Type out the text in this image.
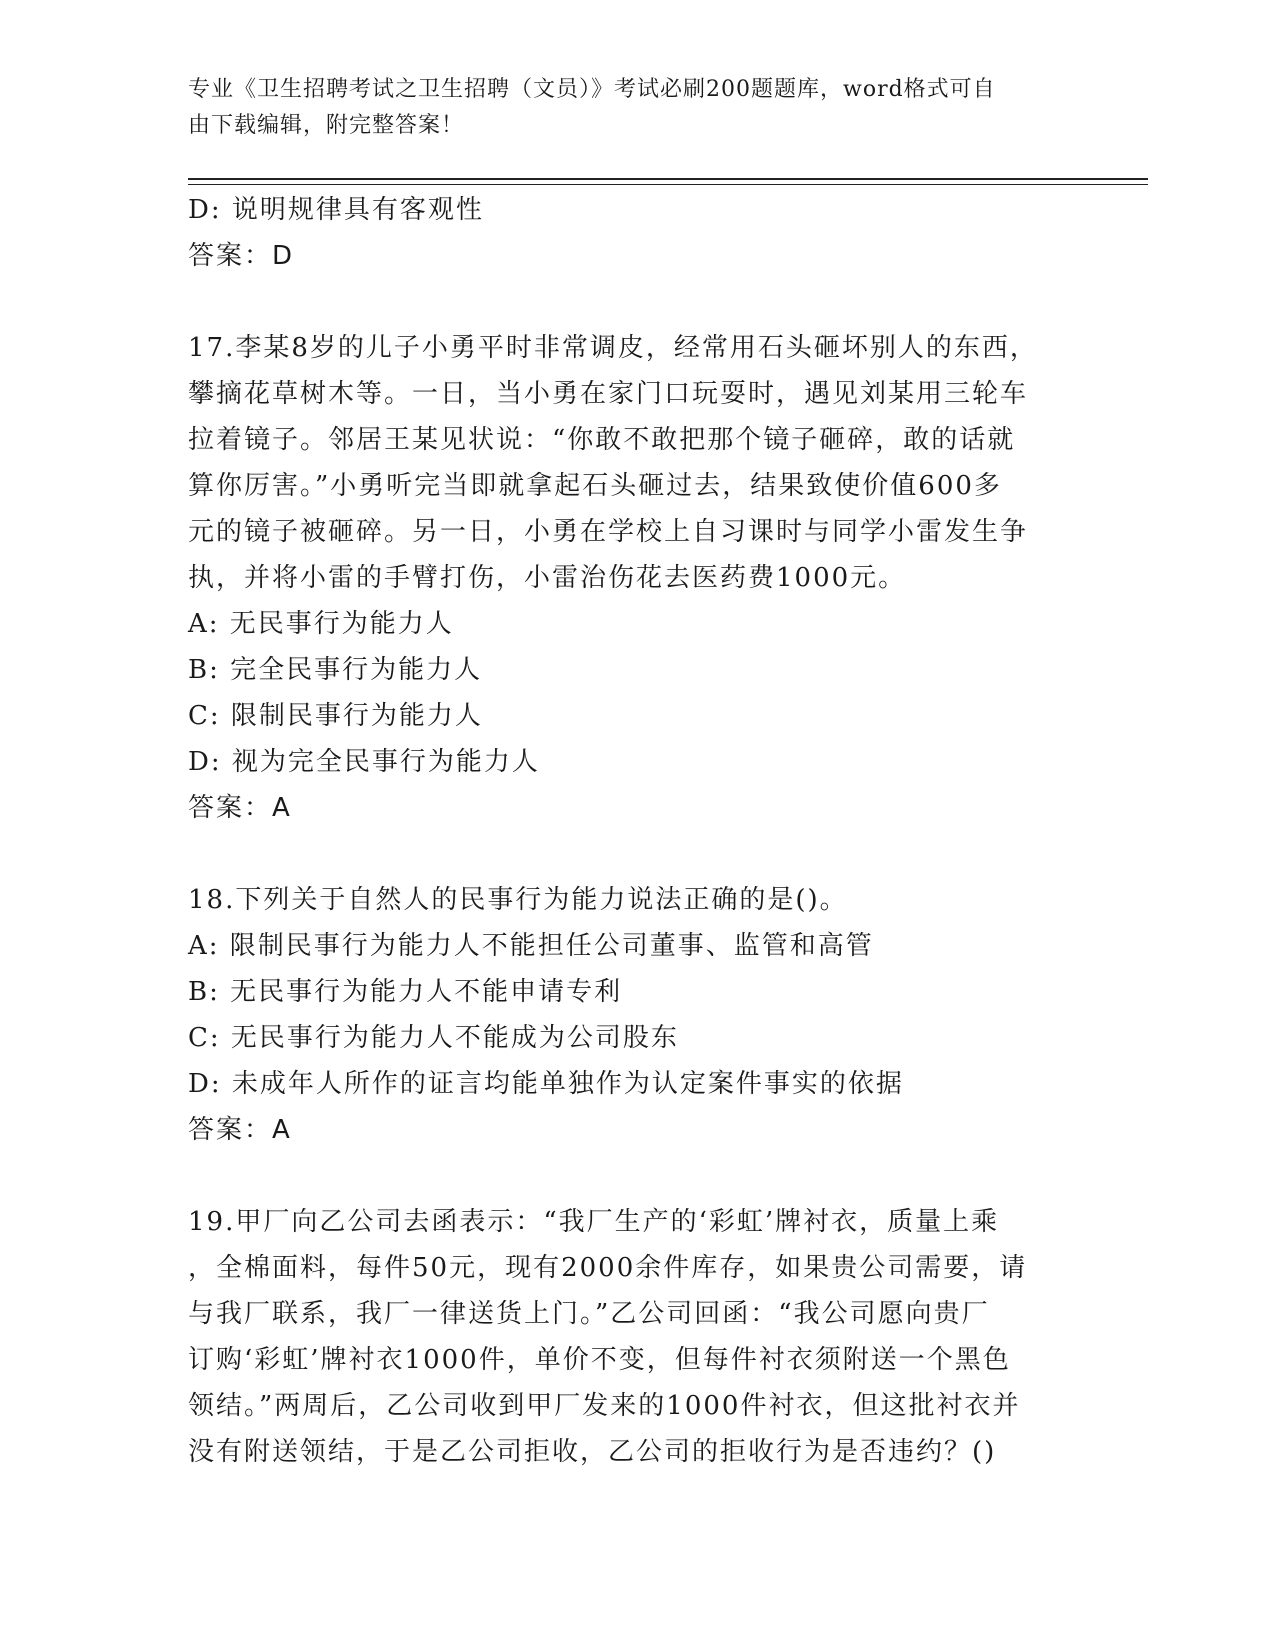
专业《卫生招聘考试之卫生招聘（文员）》考试必刷200题题库，word格式可自
由下载编辑，附完整答案！
D: 说明规律具有客观性
答案：D
17.李某8岁的儿子小勇平时非常调皮，经常用石头砸坏别人的东西，
攀摘花草树木等。一日，当小勇在家门口玩耍时，遇见刘某用三轮车
拉着镜子。邻居王某见状说：“你敢不敢把那个镜子砸碎，敢的话就
算你厉害。”小勇听完当即就拿起石头砸过去，结果致使价值600多
元的镜子被砸碎。另一日，小勇在学校上自习课时与同学小雷发生争
执，并将小雷的手臂打伤，小雷治伤花去医药费1000元。
A: 无民事行为能力人
B: 完全民事行为能力人
C: 限制民事行为能力人
D: 视为完全民事行为能力人
答案：A
18.下列关于自然人的民事行为能力说法正确的是()。
A: 限制民事行为能力人不能担任公司董事、监管和高管
B: 无民事行为能力人不能申请专利
C: 无民事行为能力人不能成为公司股东
D: 未成年人所作的证言均能单独作为认定案件事实的依据
答案：A
19.甲厂向乙公司去函表示：“我厂生产的‘彩虹’牌衬衣，质量上乘
，全棉面料，每件50元，现有2000余件库存，如果贵公司需要，请
与我厂联系，我厂一律送货上门。”乙公司回函：“我公司愿向贵厂
订购‘彩虹’牌衬衣1000件，单价不变，但每件衬衣须附送一个黑色
领结。”两周后，乙公司收到甲厂发来的1000件衬衣，但这批衬衣并
没有附送领结，于是乙公司拒收，乙公司的拒收行为是否违约？()
